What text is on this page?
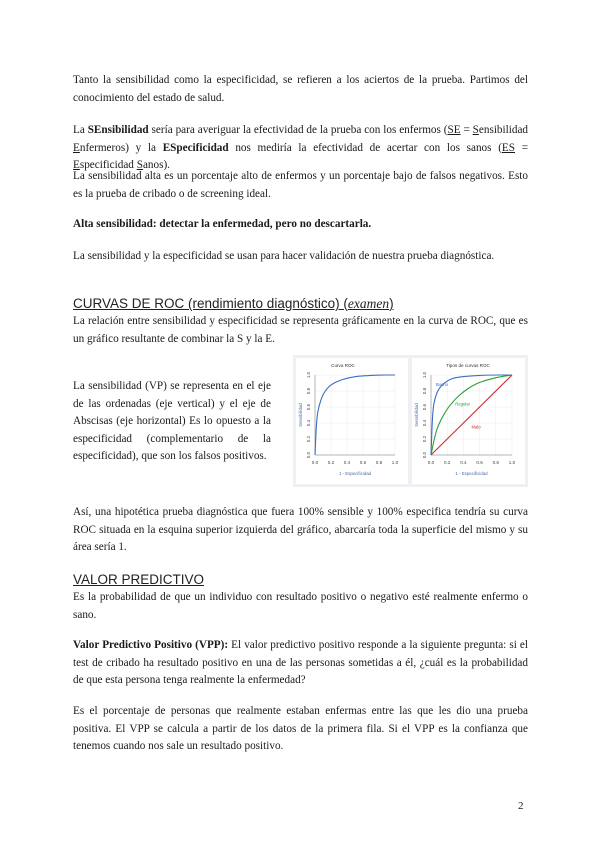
Tanto la sensibilidad como la especificidad, se refieren a los aciertos de la prueba. Partimos del conocimiento del estado de salud.

La SEnsibilidad sería para averiguar la efectividad de la prueba con los enfermos (SE = Sensibilidad Enfermeros) y la ESpecificidad nos mediría la efectividad de acertar con los sanos (ES = Especificidad Sanos).

La sensibilidad alta es un porcentaje alto de enfermos y un porcentaje bajo de falsos negativos. Esto es la prueba de cribado o de screening ideal.

Alta sensibilidad: detectar la enfermedad, pero no descartarla.

La sensibilidad y la especificidad se usan para hacer validación de nuestra prueba diagnóstica.

CURVAS DE ROC (rendimiento diagnóstico) (examen)

La relación entre sensibilidad y especificidad se representa gráficamente en la curva de ROC, que es un gráfico resultante de combinar la S y la E.

La sensibilidad (VP) se representa en el eje de las ordenadas (eje vertical) y el eje de Abscisas (eje horizontal) Es lo opuesto a la especificidad (complementario de la especificidad), que son los falsos positivos.

Curva ROC
0.0 0.2 0.4 0.6 0.8 1.0
0.0
0.2
0.4
0.6
0.8
1.0
1 - Especificidad
Sensibilidad
Tipos de curvas ROC
0.0 0.2 0.4 0.6 0.8 1.0
0.0
0.2
0.4
0.6
0.8
1.0
1 - Especificidad
Sensibilidad
Bueno
Regular
Malo

Así, una hipotética prueba diagnóstica que fuera 100% sensible y 100% especifica tendría su curva ROC situada en la esquina superior izquierda del gráfico, abarcaría toda la superficie del mismo y su área sería 1.

VALOR PREDICTIVO

Es la probabilidad de que un individuo con resultado positivo o negativo esté realmente enfermo o sano.

Valor Predictivo Positivo (VPP): El valor predictivo positivo responde a la siguiente pregunta: si el test de cribado ha resultado positivo en una de las personas sometidas a él, ¿cuál es la probabilidad de que esta persona tenga realmente la enfermedad?

Es el porcentaje de personas que realmente estaban enfermas entre las que les dio una prueba positiva. El VPP se calcula a partir de los datos de la primera fila. Si el VPP es la confianza que tenemos cuando nos sale un resultado positivo.

2
